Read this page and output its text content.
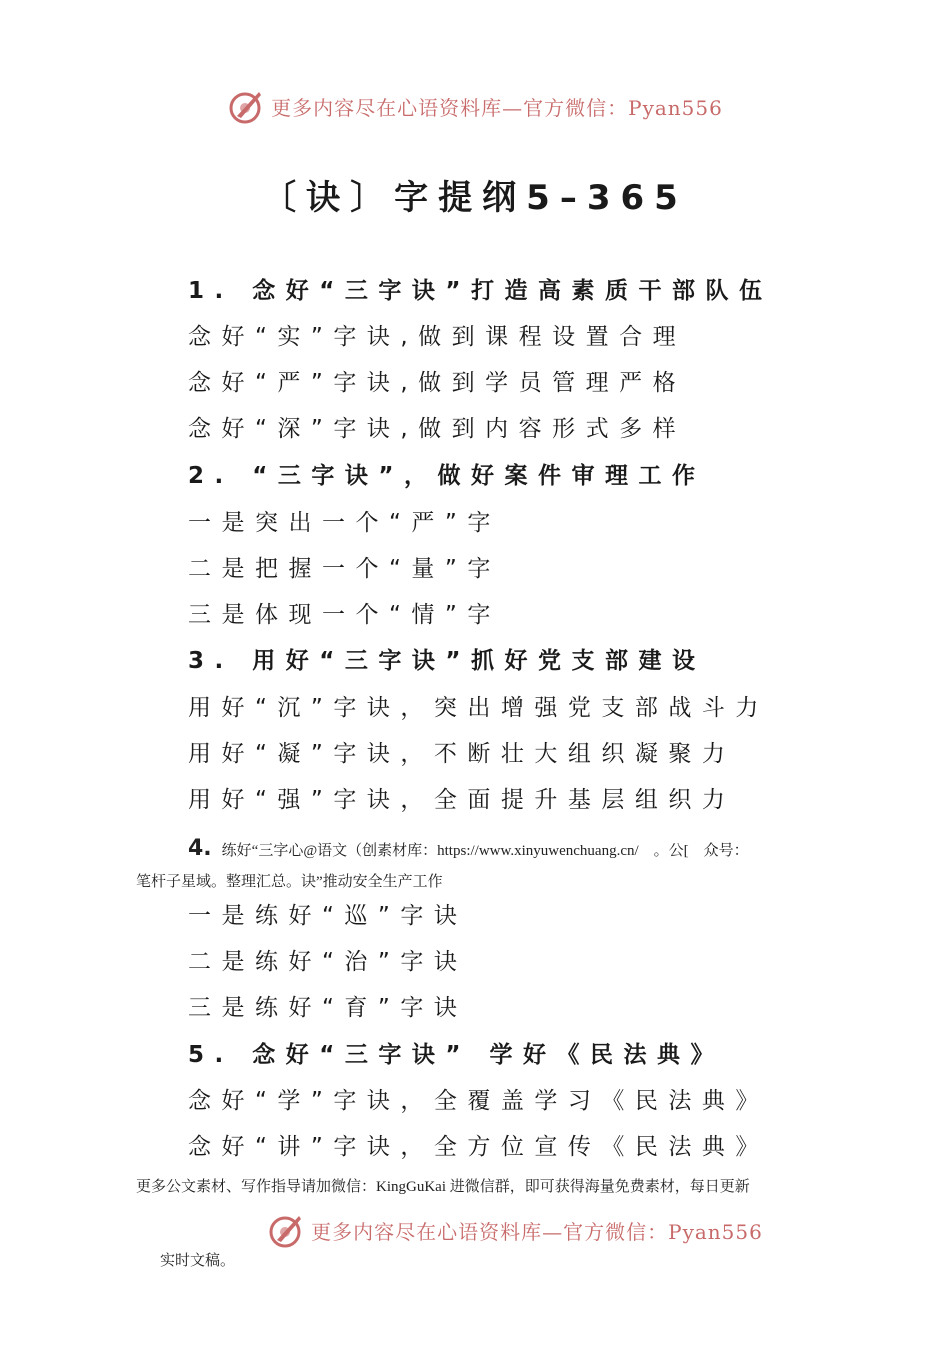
更多内容尽在心语资料库—官方微信：Pyan556
〔诀〕字提纲5–365
1. 念好“三字诀”打造高素质干部队伍
念好“实”字诀,做到课程设置合理
念好“严”字诀,做到学员管理严格
念好“深”字诀,做到内容形式多样
2. “三字诀”，做好案件审理工作
一是突出一个“严”字
二是把握一个“量”字
三是体现一个“情”字
3. 用好“三字诀”抓好党支部建设
用好“沉”字诀，突出增强党支部战斗力
用好“凝”字诀，不断壮大组织凝聚力
用好“强”字诀，全面提升基层组织力
4. 练好“三字心@语文（创素材库：https://www.xinyuwenchuang.cn/　。公[　众号：
笔杆子星域。整理汇总。诀”推动安全生产工作
一是练好“巡”字诀
二是练好“治”字诀
三是练好“育”字诀
5. 念好“三字诀” 学好《民法典》
念好“学”字诀，全覆盖学习《民法典》
念好“讲”字诀，全方位宣传《民法典》
更多公文素材、写作指导请加微信：KingGuKai 进微信群，即可获得海量免费素材，每日更新
更多内容尽在心语资料库—官方微信：Pyan556
实时文稿。
